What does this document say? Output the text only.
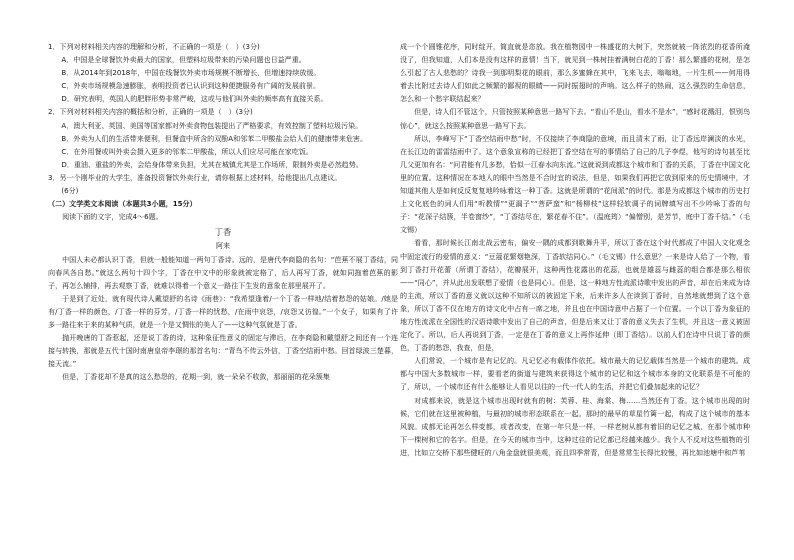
1．下列对材料相关内容的理解和分析，不正确的一项是（　）(3分)

A．中国是全球餐饮外卖最大的国家，但塑料垃圾带来的污染问题也日益严重。

B．从2014年到2018年，中国在线餐饮外卖市场规模不断增长，但增速持续放缓。

C．外卖市场规模急速膨胀，表明投资者已认识到这种便捷服务有广阔的发展前景。

D．研究表明，英国人的肥胖形势非常严峻，这或与他们叫外卖的频率高有直接关系。

2．下列对材料相关内容的概括和分析，正确的一项是（　）(3分)

A．澳大利亚、英国、美国等国家都对外卖食物包装提出了严格要求，有效控制了塑料垃圾污染。

B．外卖为人们的生活带来便利，但餐盒中所含的双酚A和邻苯二甲酸盐会给人们的健康带来危害。

C．在外用餐或叫外卖会摄入更多的邻苯二甲酸盐，所以人们应尽可能在家吃饭。

D．重油、重盐的外卖，会给身体带来负担，尤其在城镇尤其是工作场所，限制外卖是必然趋势。

3．另一个刚毕业的大学生，准备投资餐饮外卖行业，请你根据上述材料，给他提出几点建议。

(6分)

（二）文学类文本阅读（本题共3小题，15分）

阅读下面的文字，完成4～6题。

丁香

阿来

中国人未必都认识丁香，但就一般能知道一两句丁香诗。远的，是唐代李商隐的名句：“芭蕉不展丁香结，同向春风各自愁。”就这么两句十四个字，丁香在中文中的形象就被定格了，后人再写丁香，就如同拖着芭蕉的影子，再怎么铺排，再去观察丁香，就难以得着一个意义一路往下生发的意象在那里展开了。

于是到了近处，就有现代诗人戴望舒的名诗《雨巷》：“我希望逢着/一个丁香一样地/结着愁怨的姑娘。/她是有/丁香一样的颜色，/丁香一样的芬芳，/丁香一样的忧愁，/在雨中哀怨，/哀怨又彷徨。”一个女子，如果有了许多一路往来于来的某种气质，就是一个是又惆怅的美人了——这种气氛就是丁香。

抛开晚唐的丁香惹起，还是说丁香的诗，这种象征性意义的固定与滞后，在李商隐和戴望舒之间还有一个连接与转换，那就是五代十国时南唐皇帝李璟的那首名句：“青鸟不传云外信，丁香空结雨中愁。回首绿波三楚暮，接天流。”

但是，丁香花却不是真的这么愁怨的，花期一到，就一朵朵不收敛，那丽丽的花朵簇集

成一个个圆锥花序，同时绽开，简直就是恣放。我在植物园中一株盛花的大树下，突然就被一阵浓烈的花香所淹没了，但我知道，人们本是没有这样的意情！当下，就见到一株树挂着满树白花的丁香！那么繁盛的花树，是怎么引起了古人悲愁的？诗我一到那明梨花的眼前，那么多蜜蜂在其中，飞来飞去，嗡嗡地，一片生机——何用得着去比附过去诗人们如此之频繁的鄙视的眼睛——同时振翅时的声响。这么样子的热闹，这么强烈的生命信息，怎么和一个愁字联结起来？

但是，诗人们不管这个，只管按照某种意思一路写下去。“看山不是山，看水不是水”，“感时花溅泪，恨别鸟惊心”，就这么按照某种意思一路写下去。

所以，李峰写下“丁香空结雨中愁”时，不仅接续了李商隐的意境，而且清末了雨，让丁香远岸澜淡的水光，在长江边的雷雷结雨中了。这个意象宣称的已经把丁香空结在写的事情给了自己的几子李煜，他写的诗句甚至比几父更加有名：“问君能有几多愁，恰似一江春水向东流。”这就说到成都这个城市和丁香的关系，丁香在中国文化里的位置。这种情况在本地人的眼中当然是不合时宜的说法，但是，如果我们再把它放到原来的历史情境中，才知道其他人是如何反反复复地吟咏着这一种丁香。这就是所谓的“花间派”的时代。那是为成都这个城市的历史打上文化底色的词人们用“听教情”“更漏子”“菩萨蛮”和“杨柳枝”这样轻软调子的词牌填写出不少吟咏丁香的句子：“花深子结簇，半卷窗纱”，“丁香结尽在，繁花春不住”。（温庭筠）“偏憎别，是芳节，庭中丁香千结。”（毛文锡）

看看，那时候长江南北战云密布，偏安一隅的成都到歌舞升平，所以丁香在这个时代都成了中国人文化观念中固定流行的爱情的意义：“豆蔻花繁烟艳深，丁香软结同心。”（毛文锡）什么意思？一来是诗人给了一个物，看到丁香打开花蕾（所谓丁香结），花瓣展开，这种两性花露出的花蕊，也就是雄蕊与雌蕊的组合都是那么相依——“同心”，并从此出发联想了爱情（也是同心）。但是，这一种地方性流派诗歌中发出的声音，却在后来成为诗的主流，所以丁香的意义就以这种不知所以的被固定下来，后来许多人在读到丁香时，自然地就想到了这个意象，所以丁香不仅在地方的诗文化中占有一席之地，并且也在中国诗意中占据了一个位置。一个以丁香为象征的地方性流派在全国性的汉语诗歌中发出了自己的声音，但是后来又让丁香的意义失去了生机，并且这一意义被固定化了。所以，后人再说到丁香，一定是在丁香的意义上再作延伸（即丁香结）。以前人们在诗中只说丁香的颜色，丁香的愁怨，我查，但是，

人们常说，一个城市是有记忆的。凡记忆必有载体作依托。城市最大的记忆载体当然是一个城市的建筑。成都与中国大多数城市一样，要看老的街道与建筑来获得这个城市的记忆和这个城市本身的文化联系是不可能的了，所以，一个城市还有什么能够让人看见以往的一代一代人的生活，并把它们叠加起来的记忆？

对成都来说，就是这个城市出现时就有的树：芙蓉、桂、海棠、梅……当然还有丁香。这个城市出现的时候，它们就在这里被种植，与最初的城市形态联系在一起。那时的最早的草星竹篱一起，构成了这个城市的基本风貌。成都无论再怎么样变都，或者改变，在第一年只是一样，一样老树从都有着旧的记忆之城，在那个城市种下一棵树和它的名字。但是，在今天的城市当中，这种过往的记忆都已经越来越少。我个人不反对这些植物的引进，比如立交桥下那些健旺的八角金盘就很美观，而且四季常青，但是常常生长得比较慢，再比如池塘中和芦苇
